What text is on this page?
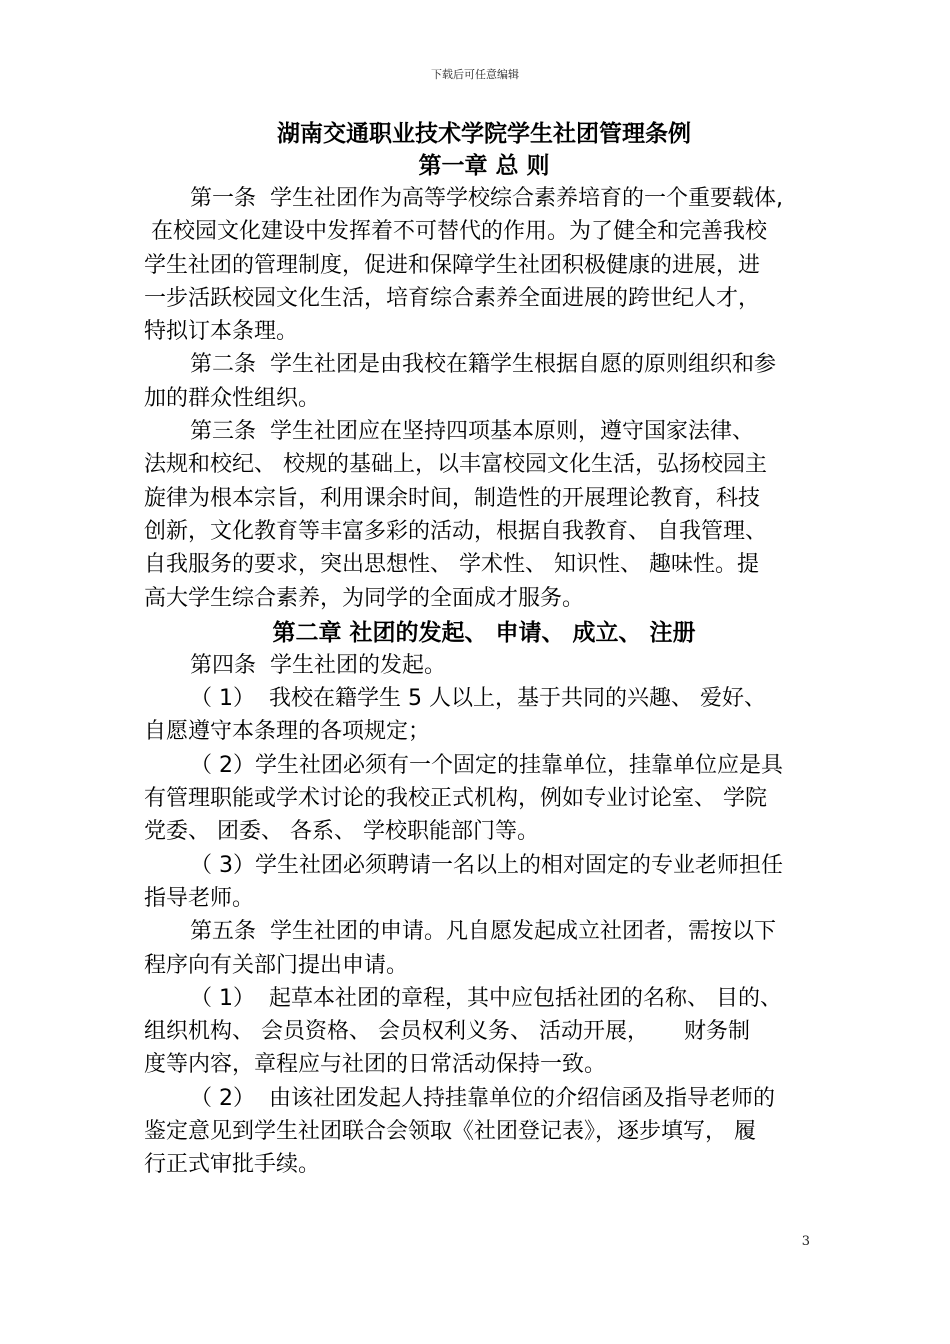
下载后可任意编辑
湖南交通职业技术学院学生社团管理条例
第一章 总 则
第一条  学生社团作为高等学校综合素养培育的一个重要载体,
在校园文化建设中发挥着不可替代的作用。为了健全和完善我校
学生社团的管理制度，促进和保障学生社团积极健康的进展，进
一步活跃校园文化生活，培育综合素养全面进展的跨世纪人才，
特拟订本条理。
第二条  学生社团是由我校在籍学生根据自愿的原则组织和参
加的群众性组织。
第三条  学生社团应在坚持四项基本原则，遵守国家法律、
法规和校纪、 校规的基础上，以丰富校园文化生活，弘扬校园主
旋律为根本宗旨，利用课余时间，制造性的开展理论教育，科技
创新，文化教育等丰富多彩的活动，根据自我教育、 自我管理、
自我服务的要求，突出思想性、 学术性、 知识性、 趣味性。提
高大学生综合素养，为同学的全面成才服务。
第二章 社团的发起、 申请、 成立、 注册
第四条  学生社团的发起。
（ 1）  我校在籍学生 5 人以上，基于共同的兴趣、 爱好、
自愿遵守本条理的各项规定；
（ 2）学生社团必须有一个固定的挂靠单位，挂靠单位应是具
有管理职能或学术讨论的我校正式机构，例如专业讨论室、 学院
党委、 团委、 各系、 学校职能部门等。
（ 3）学生社团必须聘请一名以上的相对固定的专业老师担任
指导老师。
第五条  学生社团的申请。凡自愿发起成立社团者，需按以下
程序向有关部门提出申请。
（ 1）  起草本社团的章程，其中应包括社团的名称、 目的、
组织机构、 会员资格、 会员权利义务、 活动开展，     财务制
度等内容，章程应与社团的日常活动保持一致。
（ 2）  由该社团发起人持挂靠单位的介绍信函及指导老师的
鉴定意见到学生社团联合会领取《社团登记表》，逐步填写， 履
行正式审批手续。
3
